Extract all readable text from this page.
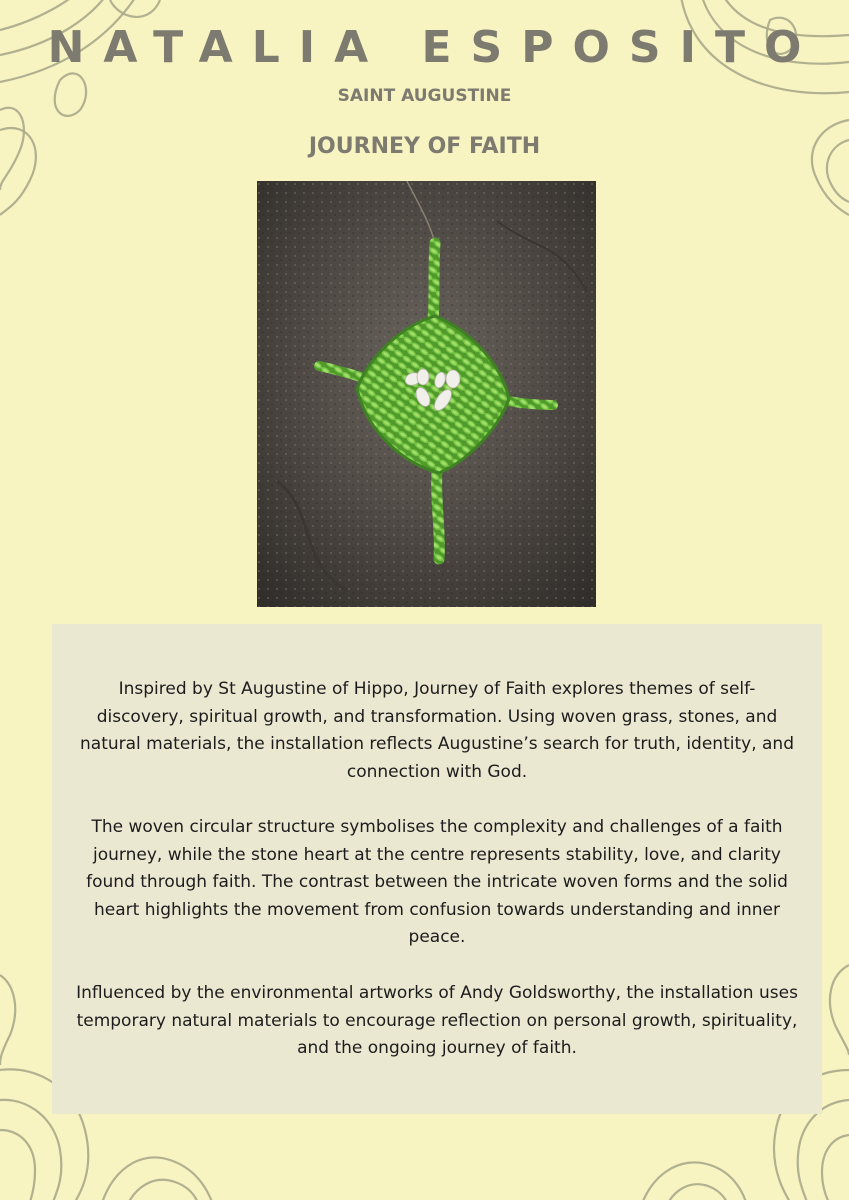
NATALIA ESPOSITO
SAINT AUGUSTINE
JOURNEY OF FAITH
Inspired by St Augustine of Hippo, Journey of Faith explores themes of self-discovery, spiritual growth, and transformation. Using woven grass, stones, and natural materials, the installation reflects Augustine’s search for truth, identity, and connection with God.
The woven circular structure symbolises the complexity and challenges of a faith journey, while the stone heart at the centre represents stability, love, and clarity found through faith. The contrast between the intricate woven forms and the solid heart highlights the movement from confusion towards understanding and inner peace.
Influenced by the environmental artworks of Andy Goldsworthy, the installation uses temporary natural materials to encourage reflection on personal growth, spirituality, and the ongoing journey of faith.
